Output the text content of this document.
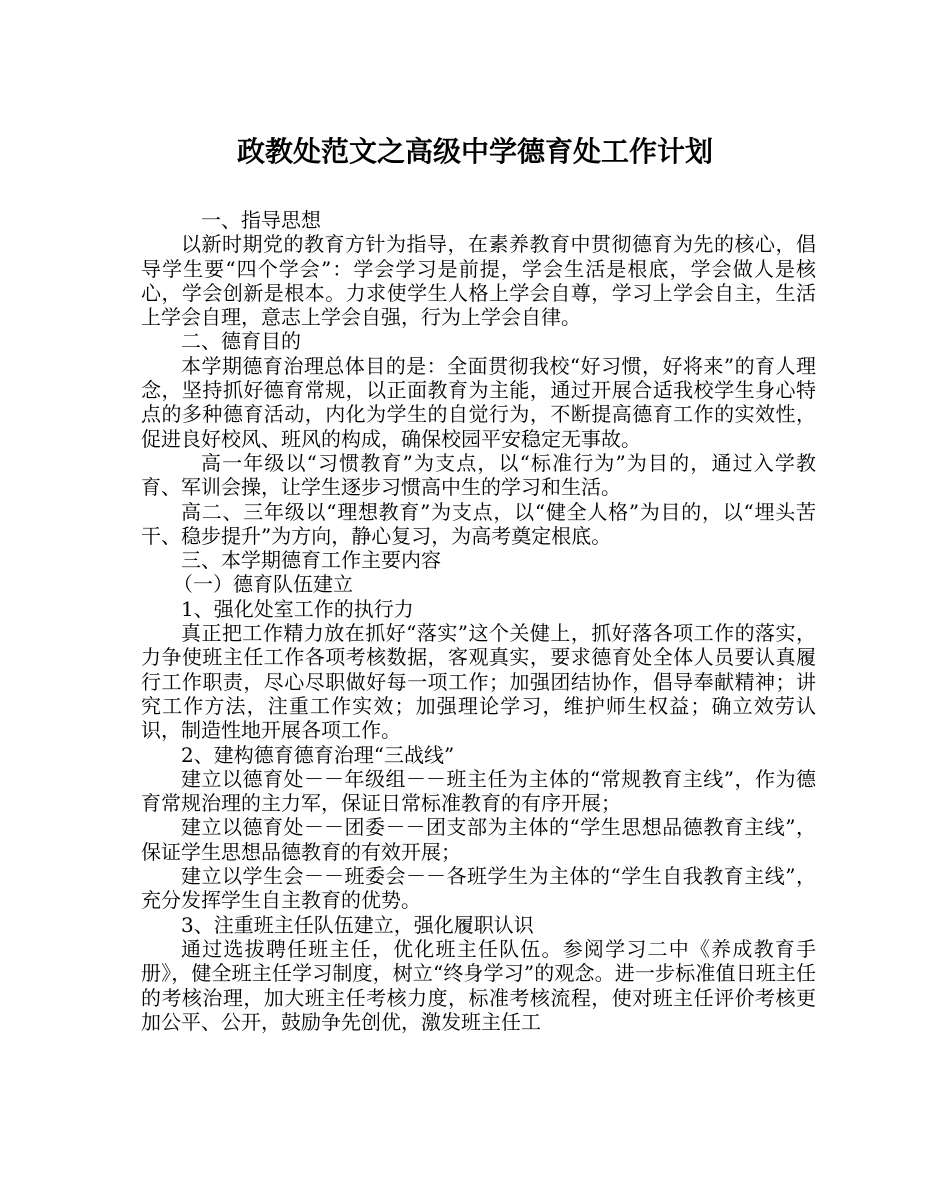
政教处范文之高级中学德育处工作计划

一、指导思想

以新时期党的教育方针为指导，在素养教育中贯彻德育为先的核心，倡导学生要“四个学会”：学会学习是前提，学会生活是根底，学会做人是核心，学会创新是根本。力求使学生人格上学会自尊，学习上学会自主，生活上学会自理，意志上学会自强，行为上学会自律。

二、德育目的

本学期德育治理总体目的是：全面贯彻我校“好习惯，好将来”的育人理念，坚持抓好德育常规，以正面教育为主能，通过开展合适我校学生身心特点的多种德育活动，内化为学生的自觉行为，不断提高德育工作的实效性，促进良好校风、班风的构成，确保校园平安稳定无事故。

高一年级以“习惯教育”为支点，以“标准行为”为目的，通过入学教育、军训会操，让学生逐步习惯高中生的学习和生活。

高二、三年级以“理想教育”为支点，以“健全人格”为目的，以“埋头苦干、稳步提升”为方向，静心复习，为高考奠定根底。

三、本学期德育工作主要内容

（一）德育队伍建立

1、强化处室工作的执行力

真正把工作精力放在抓好“落实”这个关健上，抓好落各项工作的落实，力争使班主任工作各项考核数据，客观真实，要求德育处全体人员要认真履行工作职责，尽心尽职做好每一项工作；加强团结协作，倡导奉献精神；讲究工作方法，注重工作实效；加强理论学习，维护师生权益；确立效劳认识，制造性地开展各项工作。

2、建构德育德育治理“三战线”

建立以德育处－－年级组－－班主任为主体的“常规教育主线”，作为德育常规治理的主力军，保证日常标准教育的有序开展；

建立以德育处－－团委－－团支部为主体的“学生思想品德教育主线”，保证学生思想品德教育的有效开展；

建立以学生会－－班委会－－各班学生为主体的“学生自我教育主线”，充分发挥学生自主教育的优势。

3、注重班主任队伍建立，强化履职认识

通过选拔聘任班主任，优化班主任队伍。参阅学习二中《养成教育手册》，健全班主任学习制度，树立“终身学习”的观念。进一步标准值日班主任的考核治理，加大班主任考核力度，标准考核流程，使对班主任评价考核更加公平、公开，鼓励争先创优，激发班主任工
